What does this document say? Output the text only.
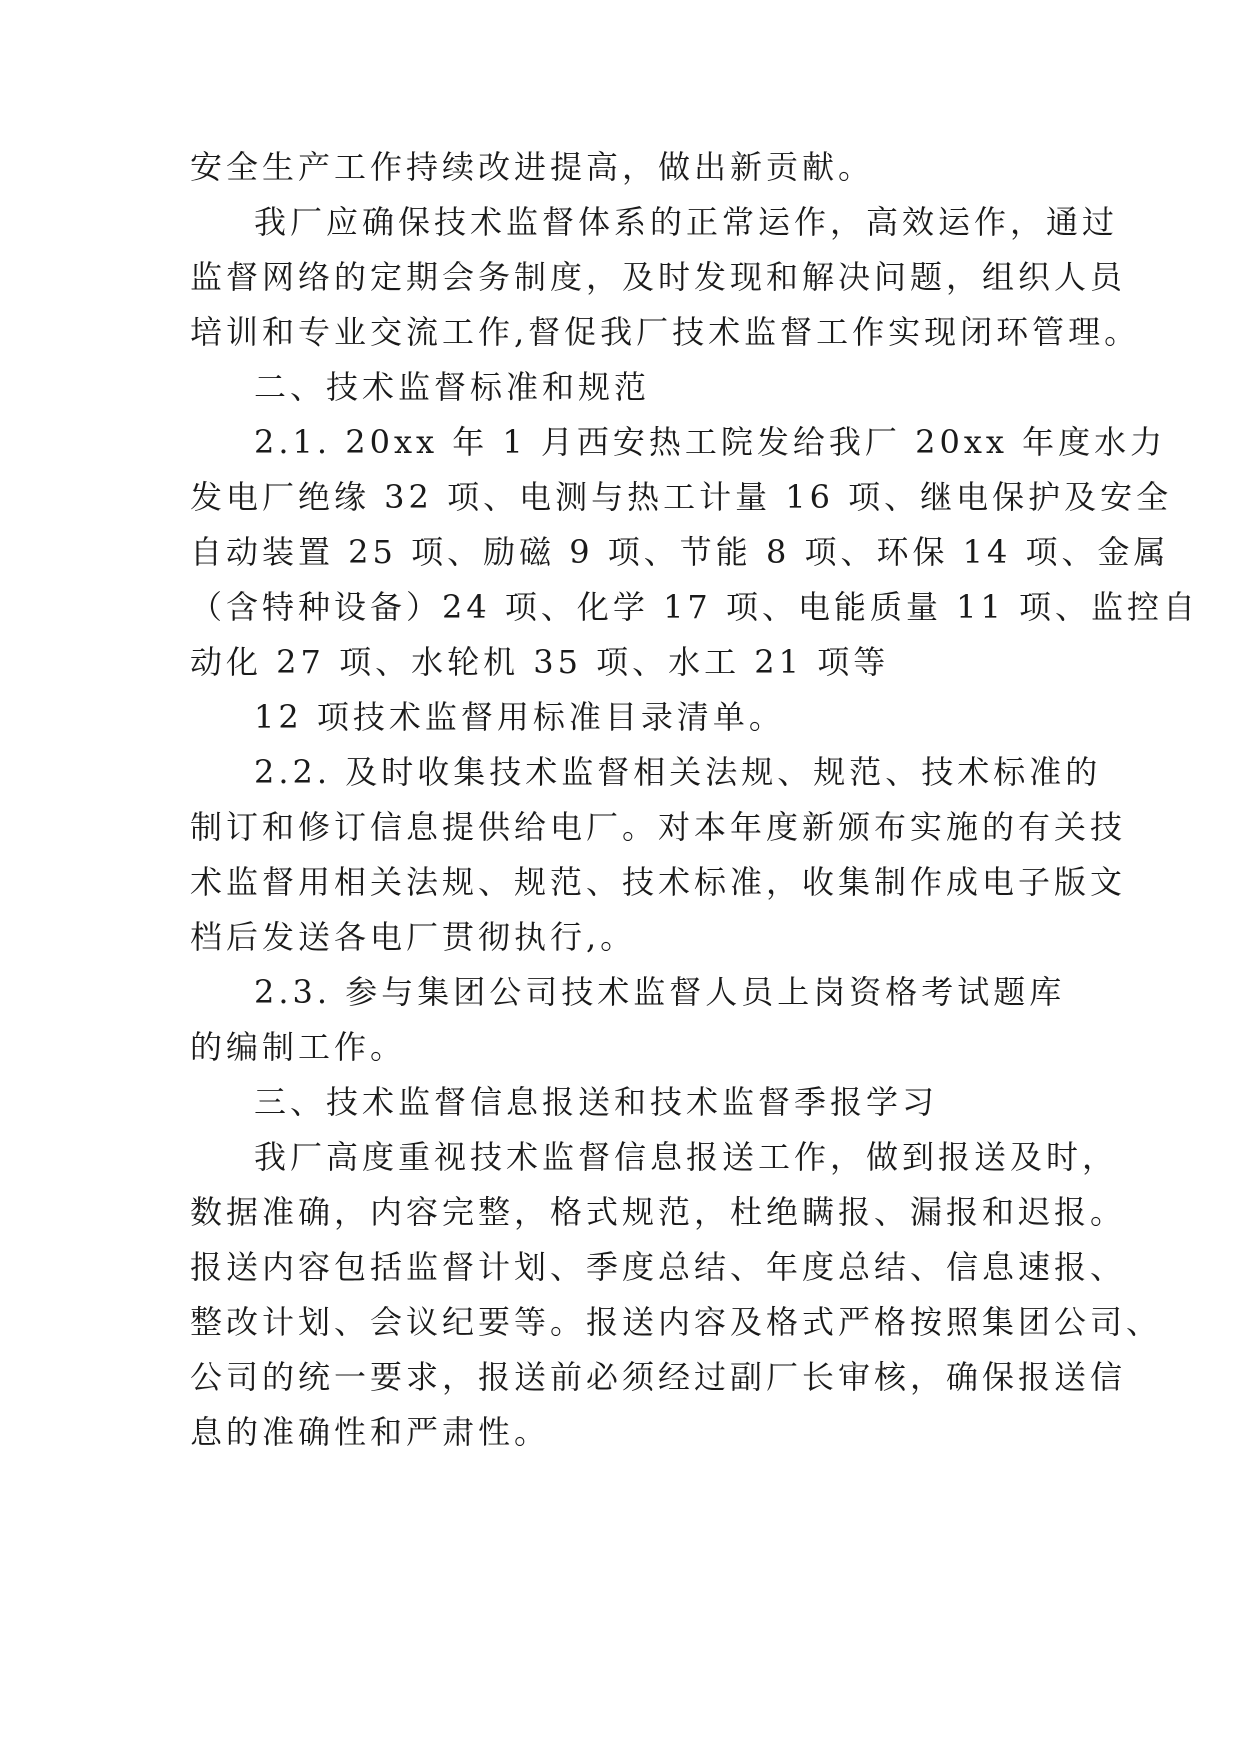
安全生产工作持续改进提高，做出新贡献。
我厂应确保技术监督体系的正常运作，高效运作，通过
监督网络的定期会务制度，及时发现和解决问题，组织人员
培训和专业交流工作,督促我厂技术监督工作实现闭环管理。
二、技术监督标准和规范
2.1. 20xx 年 1 月西安热工院发给我厂 20xx 年度水力
发电厂绝缘 32 项、电测与热工计量 16 项、继电保护及安全
自动装置 25 项、励磁 9 项、节能 8 项、环保 14 项、金属
（含特种设备）24 项、化学 17 项、电能质量 11 项、监控自
动化 27 项、水轮机 35 项、水工 21 项等
12 项技术监督用标准目录清单。
2.2. 及时收集技术监督相关法规、规范、技术标准的
制订和修订信息提供给电厂。对本年度新颁布实施的有关技
术监督用相关法规、规范、技术标准，收集制作成电子版文
档后发送各电厂贯彻执行,。
2.3. 参与集团公司技术监督人员上岗资格考试题库
的编制工作。
三、技术监督信息报送和技术监督季报学习
我厂高度重视技术监督信息报送工作，做到报送及时，
数据准确，内容完整，格式规范，杜绝瞒报、漏报和迟报。
报送内容包括监督计划、季度总结、年度总结、信息速报、
整改计划、会议纪要等。报送内容及格式严格按照集团公司、
公司的统一要求，报送前必须经过副厂长审核，确保报送信
息的准确性和严肃性。
